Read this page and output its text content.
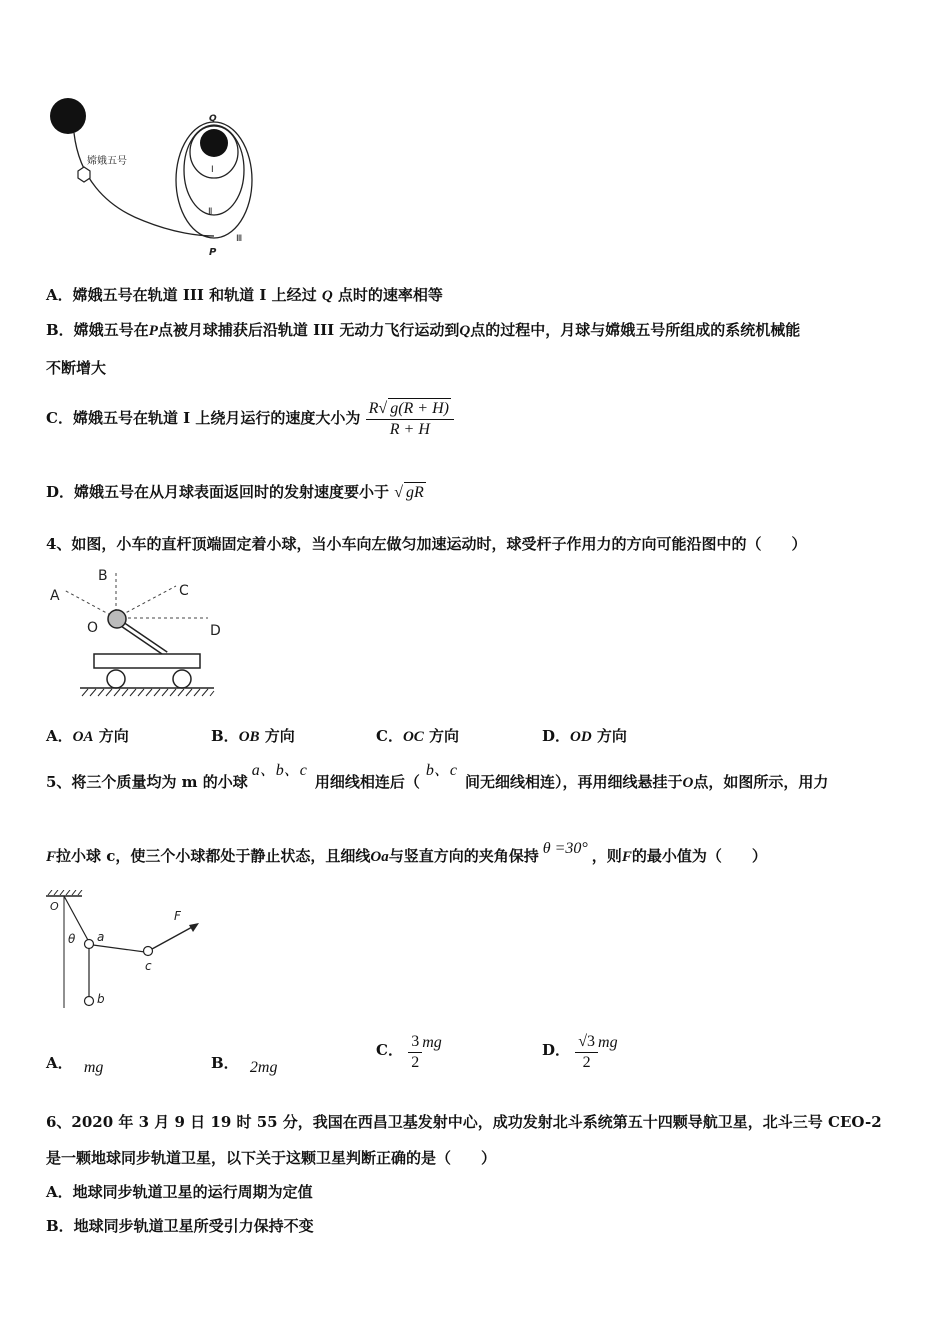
嫦娥五号
Q
Ⅰ
Ⅱ
Ⅲ
P
A．嫦娥五号在轨道 III 和轨道 I 上经过 Q 点时的速率相等
B．嫦娥五号在P点被月球捕获后沿轨道 III 无动力飞行运动到Q点的过程中，月球与嫦娥五号所组成的系统机械能
不断增大
C．嫦娥五号在轨道 I 上绕月运行的速度大小为 $\frac{R√ g(R + H)}{R + H}$
D．嫦娥五号在从月球表面返回时的发射速度要小于 √ gR
4、如图，小车的直杆顶端固定着小球，当小车向左做匀加速运动时，球受杆子作用力的方向可能沿图中的（　　）
A
B
C
D
O
A．OA 方向	B．OB 方向	C．OC 方向	D．OD 方向
5、将三个质量均为 m 的小球a、b、c用细线相连后（b、c间无细线相连），再用细线悬挂于O点，如图所示，用力
F拉小球 c，使三个小球都处于静止状态，且细线Oa与竖直方向的夹角保持 θ =30° ，则F的最小值为（　　）
O
θ a
b
c
F
A． mg	B． 2mg
C． $\frac{3}{2}$ mg	D． $\frac{√3}{2}$ mg
6、2020 年 3 月 9 日 19 时 55 分，我国在西昌卫基发射中心，成功发射北斗系统第五十四颗导航卫星，北斗三号 CEO-2
是一颗地球同步轨道卫星，以下关于这颗卫星判断正确的是（　　）
A．地球同步轨道卫星的运行周期为定值
B．地球同步轨道卫星所受引力保持不变
